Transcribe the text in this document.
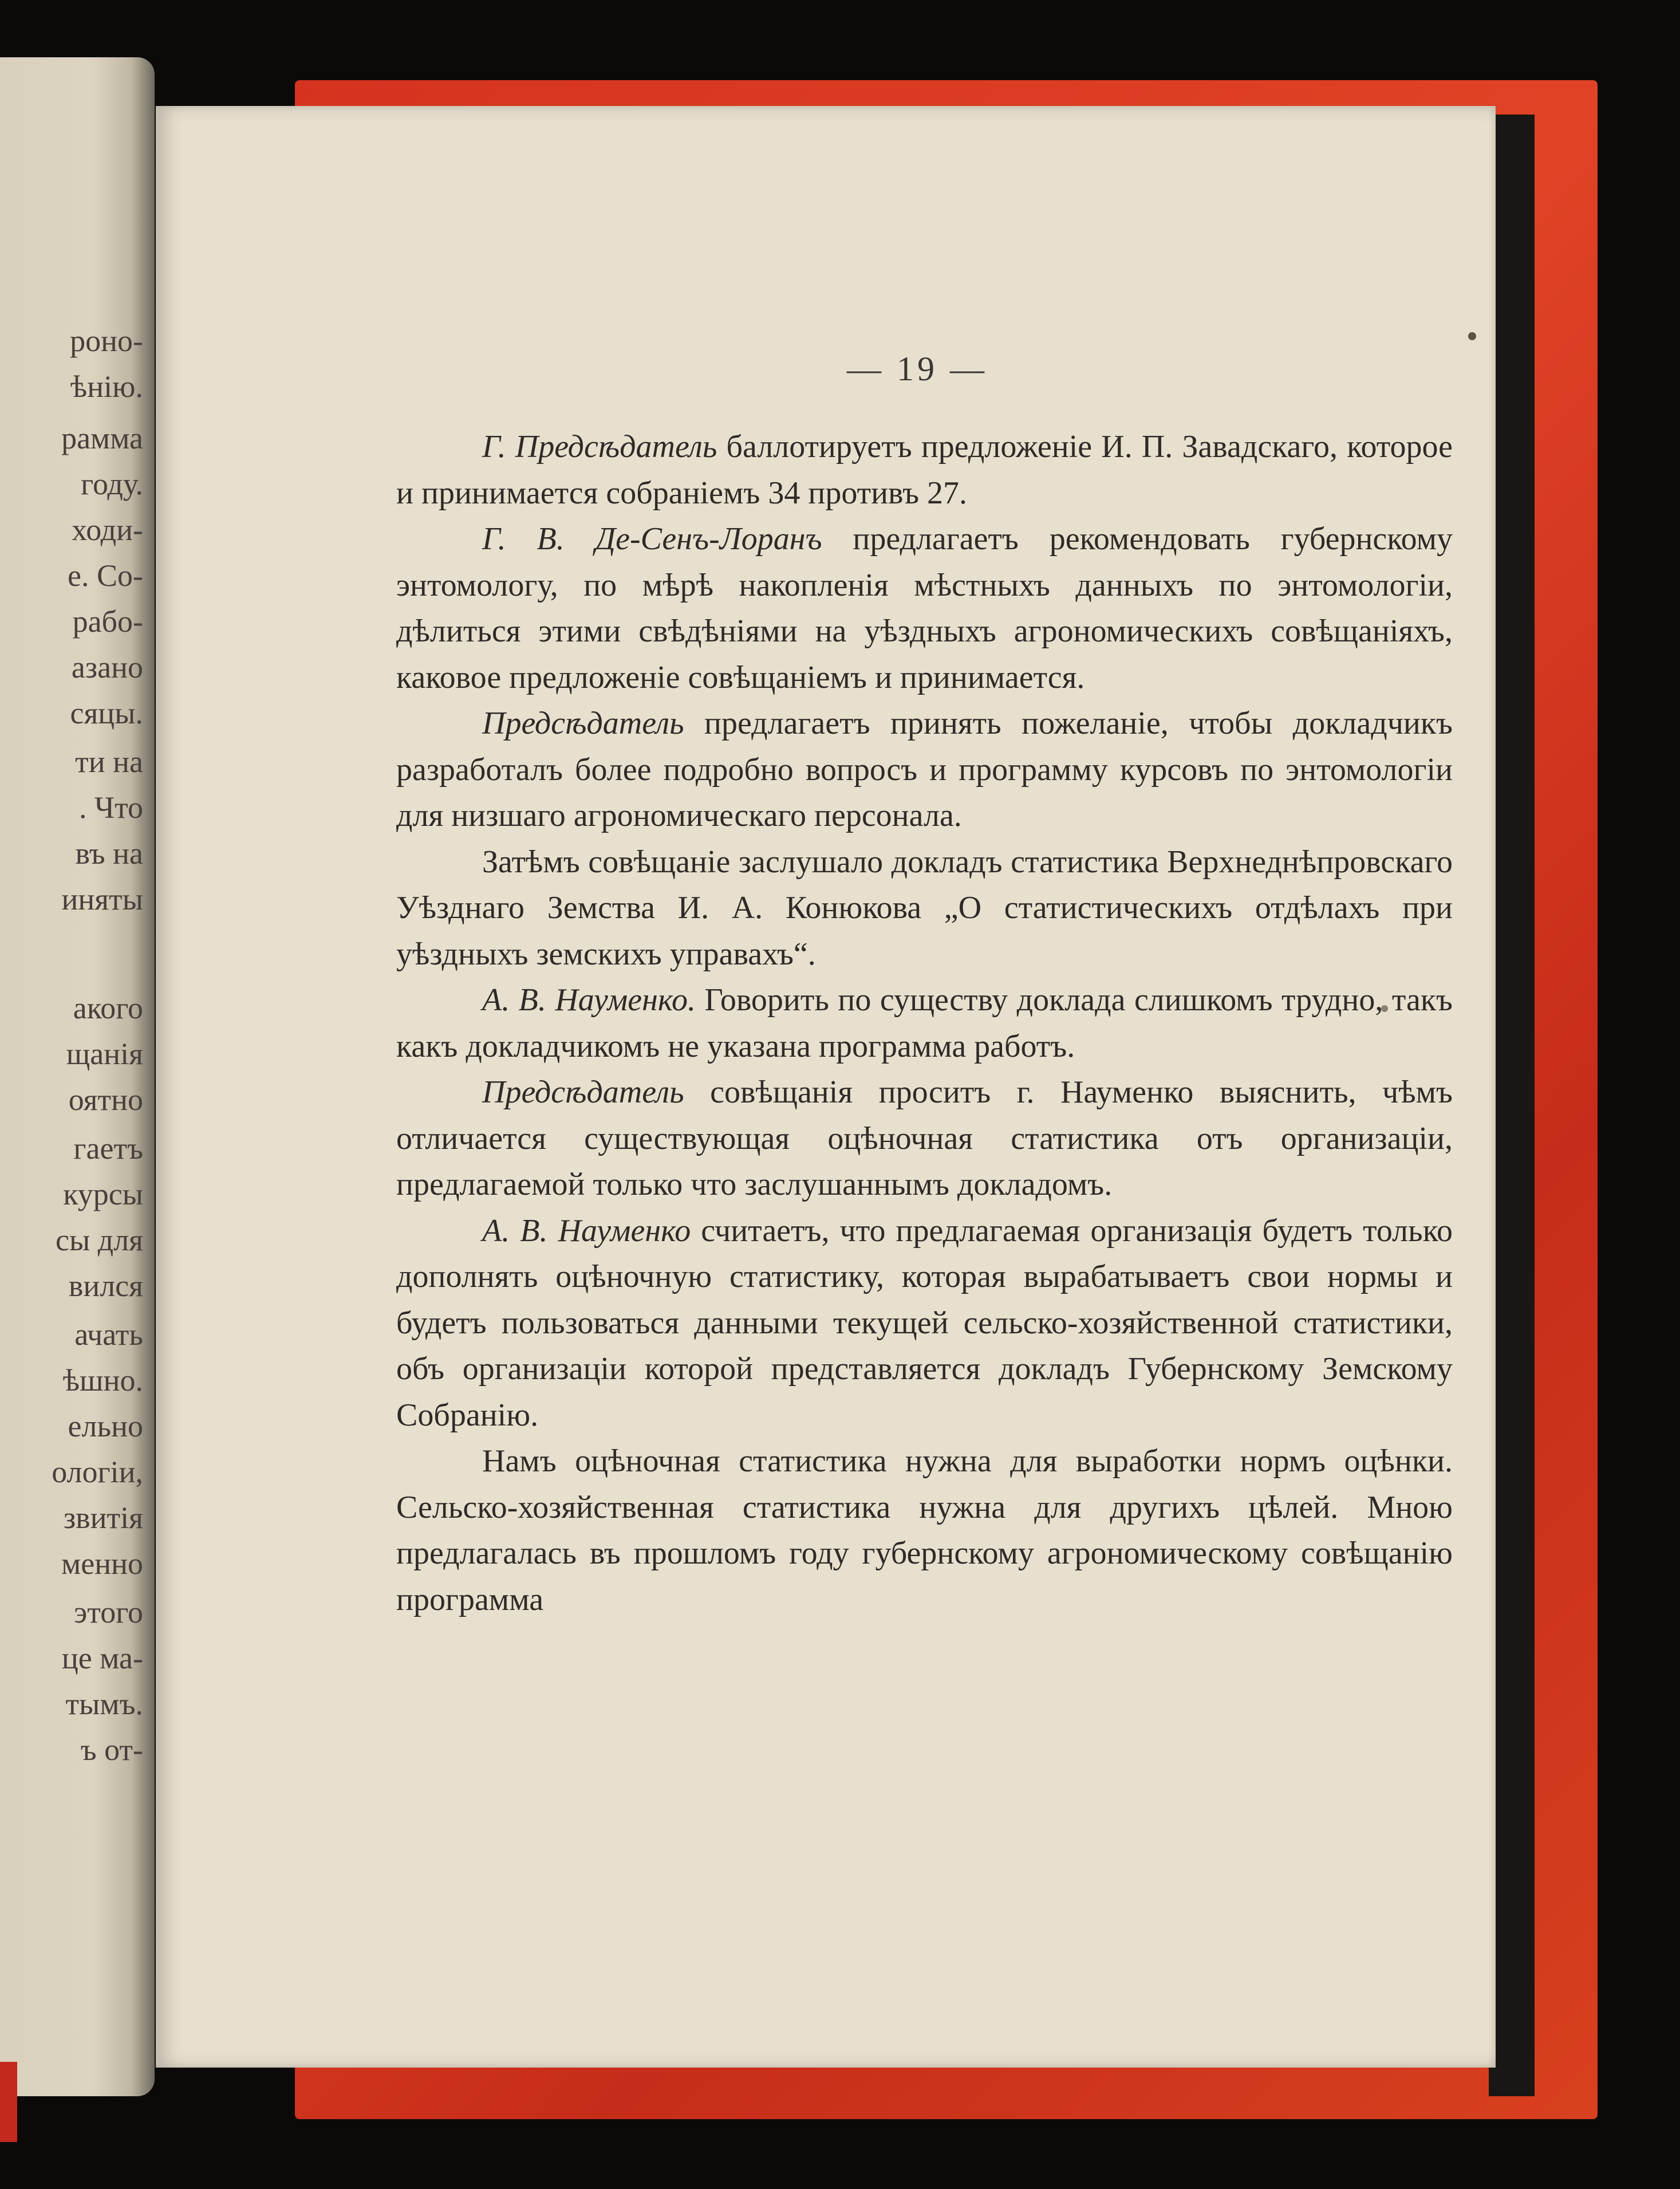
роно-
ѣнію.
рамма
году.
ходи-
е. Со-
рабо-
азано
сяцы.
ти на
. Что
въ на
иняты
акого
щанія
оятно
гаетъ
курсы
сы для
вился
ачать
ѣшно.
ельно
ологіи,
звитія
менно
этого
це ма-
тымъ.
ъ от-
— 19 —

Г. Предсѣдатель баллотируетъ предложеніе И. П. Завадскаго, которое и принимается собраніемъ 34 противъ 27.

Г. В. Де-Сенъ-Лоранъ предлагаетъ рекомендовать губернскому энтомологу, по мѣрѣ накопленія мѣстныхъ данныхъ по энтомологіи, дѣлиться этими свѣдѣніями на уѣздныхъ агрономическихъ совѣщаніяхъ, каковое предложеніе совѣщаніемъ и принимается.

Предсѣдатель предлагаетъ принять пожеланіе, чтобы докладчикъ разработалъ более подробно вопросъ и программу курсовъ по энтомологіи для низшаго агрономическаго персонала.

Затѣмъ совѣщаніе заслушало докладъ статистика Верхнеднѣпровскаго Уѣзднаго Земства И. А. Конюкова „О статистическихъ отдѣлахъ при уѣздныхъ земскихъ управахъ“.

А. В. Науменко. Говорить по существу доклада слишкомъ трудно, такъ какъ докладчикомъ не указана программа работъ.

Предсѣдатель совѣщанія проситъ г. Науменко выяснить, чѣмъ отличается существующая оцѣночная статистика отъ организаціи, предлагаемой только что заслушаннымъ докладомъ.

А. В. Науменко считаетъ, что предлагаемая организація будетъ только дополнять оцѣночную статистику, которая вырабатываетъ свои нормы и будетъ пользоваться данными текущей сельско-хозяйственной статистики, объ организаціи которой представляется докладъ Губернскому Земскому Собранію.

Намъ оцѣночная статистика нужна для выработки нормъ оцѣнки. Сельско-хозяйственная статистика нужна для другихъ цѣлей. Мною предлагалась въ прошломъ году губернскому агрономическому совѣщанію программа
